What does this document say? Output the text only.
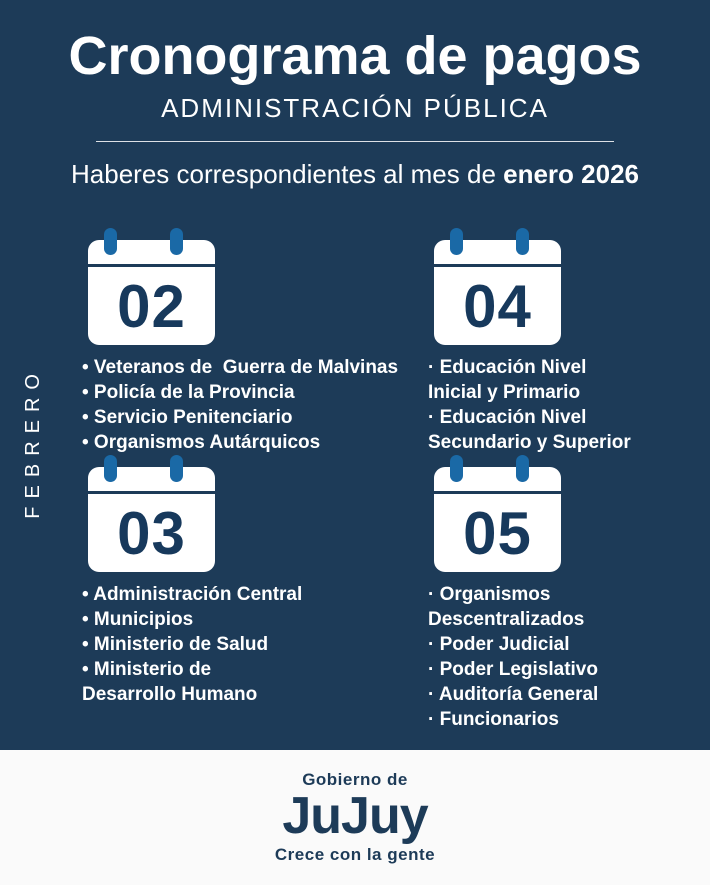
Cronograma de pagos
ADMINISTRACIÓN PÚBLICA
Haberes correspondientes al mes de enero 2026
FEBRERO
02
• Veteranos de  Guerra de Malvinas
• Policía de la Provincia
• Servicio Penitenciario
• Organismos Autárquicos
04
· Educación Nivel
Inicial y Primario
· Educación Nivel
Secundario y Superior
03
• Administración Central
• Municipios
• Ministerio de Salud
• Ministerio de
Desarrollo Humano
05
· Organismos Descentralizados
· Poder Judicial
· Poder Legislativo
· Auditoría General
· Funcionarios
Gobierno de
JuJuy
Crece con la gente
